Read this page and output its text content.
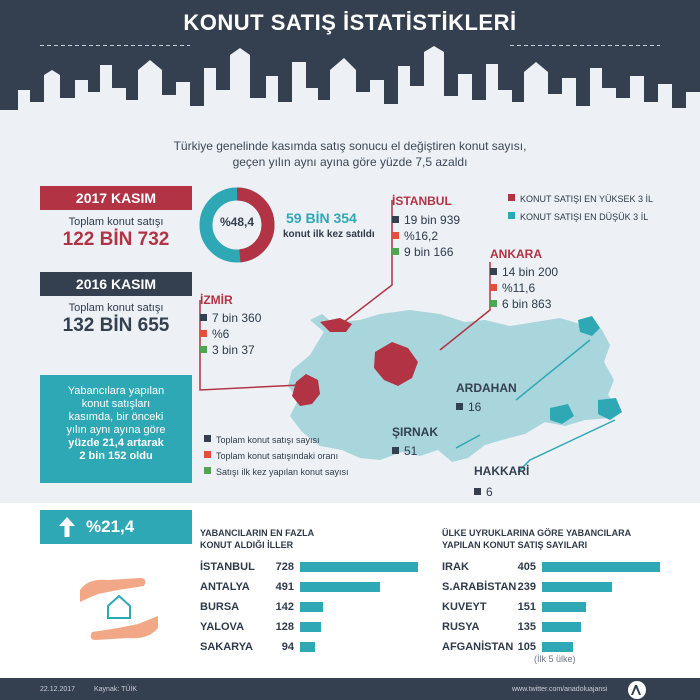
KONUT SATIŞ İSTATİSTİKLERİ
Türkiye genelinde kasımda satış sonucu el değiştiren konut sayısı,
geçen yılın aynı ayına göre yüzde 7,5 azaldı
2017 KASIM
Toplam konut satışı
122 BİN 732
2016 KASIM
Toplam konut satışı
132 BİN 655
%48,4	59 BİN 354
konut ilk kez satıldı
KONUT SATIŞI EN YÜKSEK 3 İL
KONUT SATIŞI EN DÜŞÜK 3 İL
İSTANBUL
19 bin 939
%16,2
9 bin 166	ANKARA
14 bin 200
%11,6
6 bin 863
İZMİR
7 bin 360
%6
3 bin 37
ARDAHAN
16
ŞIRNAK
51
HAKKARİ
6
Yabancılara yapılan
konut satışları
kasımda, bir önceki
yılın aynı ayına göre
yüzde 21,4 artarak
2 bin 152 oldu
Toplam konut satışı sayısı
Toplam konut satışındaki oranı
Satışı ilk kez yapılan konut sayısı
%21,4	YABANCILARIN EN FAZLA
KONUT ALDIĞI İLLER
İSTANBUL	728
ANTALYA	491
BURSA	142
YALOVA	128
SAKARYA	94
ÜLKE UYRUKLARINA GÖRE YABANCILARA
YAPILAN KONUT SATIŞ SAYILARI
IRAK	405
S.ARABİSTAN 239
KUVEYT	151
RUSYA	135
AFGANİSTAN 105
(İlk 5 ülke)
22.12.2017	Kaynak: TÜİK	www.twitter.com/anadoluajansi
